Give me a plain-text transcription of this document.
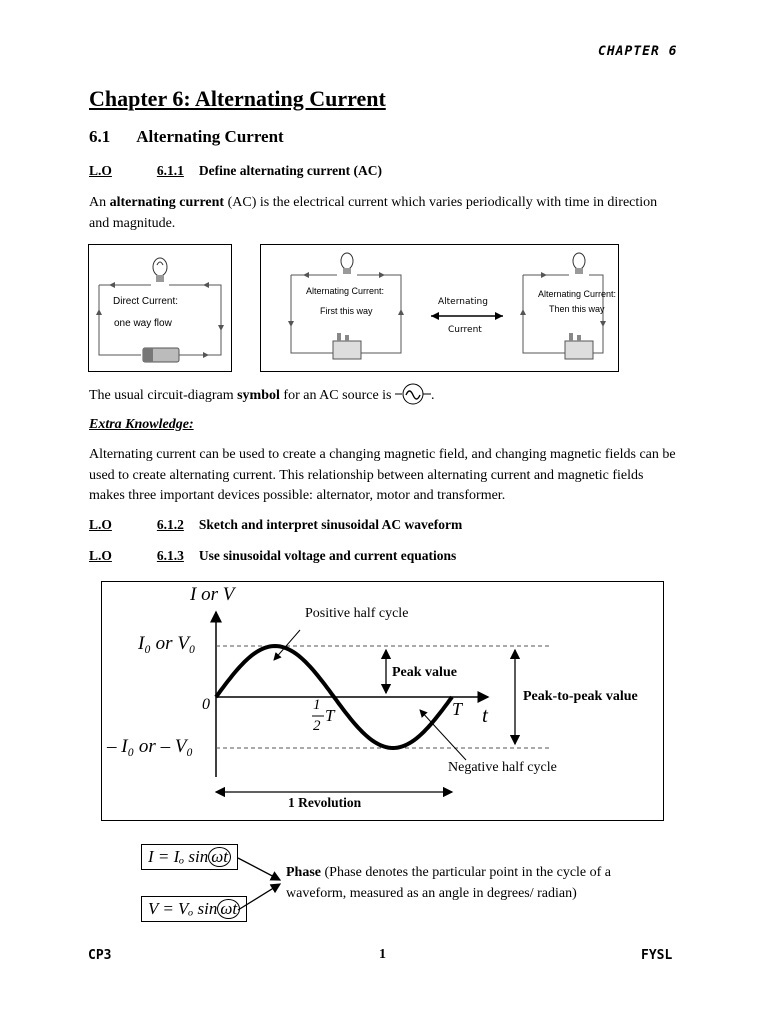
CHAPTER 6
Chapter 6: Alternating Current
6.1 Alternating Current
L.O	6.1.1 Define alternating current (AC)
An alternating current (AC) is the electrical current which varies periodically with time in direction and magnitude.
Direct Current:
one way flow
Alternating Current:
First this way
Alternating
Current
Alternating Current:
Then this way
The usual circuit-diagram symbol for an AC source is	.
Extra Knowledge:
Alternating current can be used to create a changing magnetic field, and changing magnetic fields can be used to create alternating current. This relationship between alternating current and magnetic fields makes three important devices possible: alternator, motor and transformer.
L.O	6.1.2 Sketch and interpret sinusoidal AC waveform
L.O	6.1.3 Use sinusoidal voltage and current equations
I or V
I₀ or V₀
– I₀ or – V₀
0	1
2
T	T t
Positive half cycle
Negative half cycle
Peak value
Peak-to-peak value
1 Revolution
I = Iₒ sin ωt
V = Vₒ sin ωt
Phase (Phase denotes the particular point in the cycle of a waveform, measured as an angle in degrees/ radian)
CP3	1	FYSL
